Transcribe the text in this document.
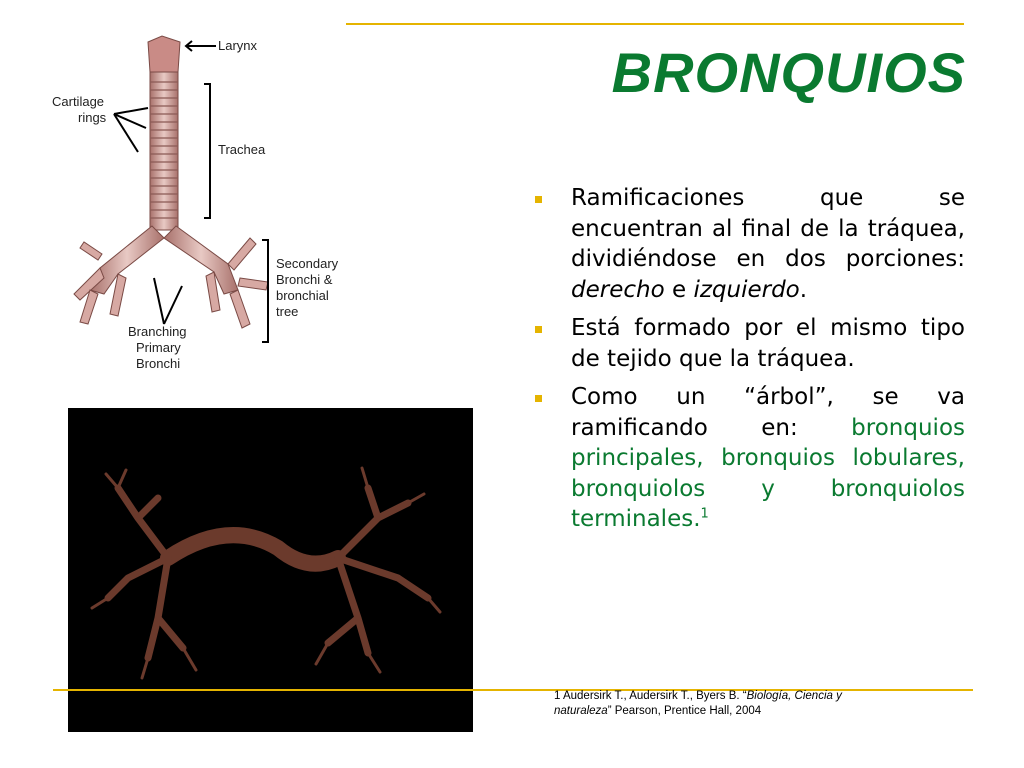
BRONQUIOS
Larynx
Cartilage
rings
Trachea
Secondary
Bronchi &
bronchial
tree
Branching
Primary
Bronchi
Ramificaciones que se encuentran al final de la tráquea, dividiéndose en dos porciones: derecho e izquierdo.
Está formado por el mismo tipo de tejido que la tráquea.
Como un “árbol”, se va ramificando en: bronquios principales, bronquios lobulares, bronquiolos y bronquiolos terminales.$^1$
1 Audersirk T., Audersirk T., Byers B. “Biología, Ciencia y naturaleza” Pearson, Prentice Hall, 2004
